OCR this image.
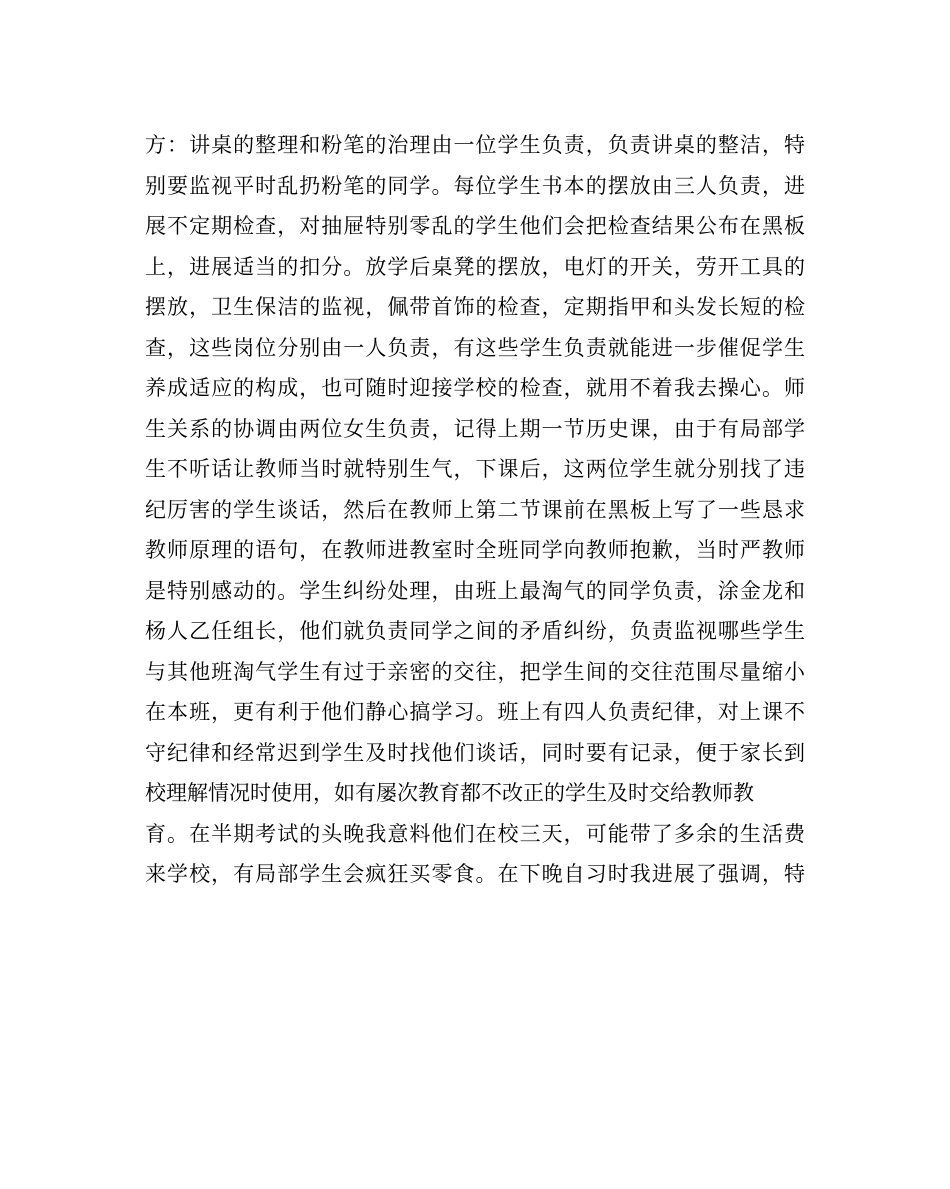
方：讲桌的整理和粉笔的治理由一位学生负责，负责讲桌的整洁，特
别要监视平时乱扔粉笔的同学。每位学生书本的摆放由三人负责，进
展不定期检查，对抽屉特别零乱的学生他们会把检查结果公布在黑板
上，进展适当的扣分。放学后桌凳的摆放，电灯的开关，劳开工具的
摆放，卫生保洁的监视，佩带首饰的检查，定期指甲和头发长短的检
查，这些岗位分别由一人负责，有这些学生负责就能进一步催促学生
养成适应的构成，也可随时迎接学校的检查，就用不着我去操心。师
生关系的协调由两位女生负责，记得上期一节历史课，由于有局部学
生不听话让教师当时就特别生气，下课后，这两位学生就分别找了违
纪厉害的学生谈话，然后在教师上第二节课前在黑板上写了一些恳求
教师原理的语句，在教师进教室时全班同学向教师抱歉，当时严教师
是特别感动的。学生纠纷处理，由班上最淘气的同学负责，涂金龙和
杨人乙任组长，他们就负责同学之间的矛盾纠纷，负责监视哪些学生
与其他班淘气学生有过于亲密的交往，把学生间的交往范围尽量缩小
在本班，更有利于他们静心搞学习。班上有四人负责纪律，对上课不
守纪律和经常迟到学生及时找他们谈话，同时要有记录，便于家长到
校理解情况时使用，如有屡次教育都不改正的学生及时交给教师教
育。在半期考试的头晚我意料他们在校三天，可能带了多余的生活费
来学校，有局部学生会疯狂买零食。在下晚自习时我进展了强调，特
